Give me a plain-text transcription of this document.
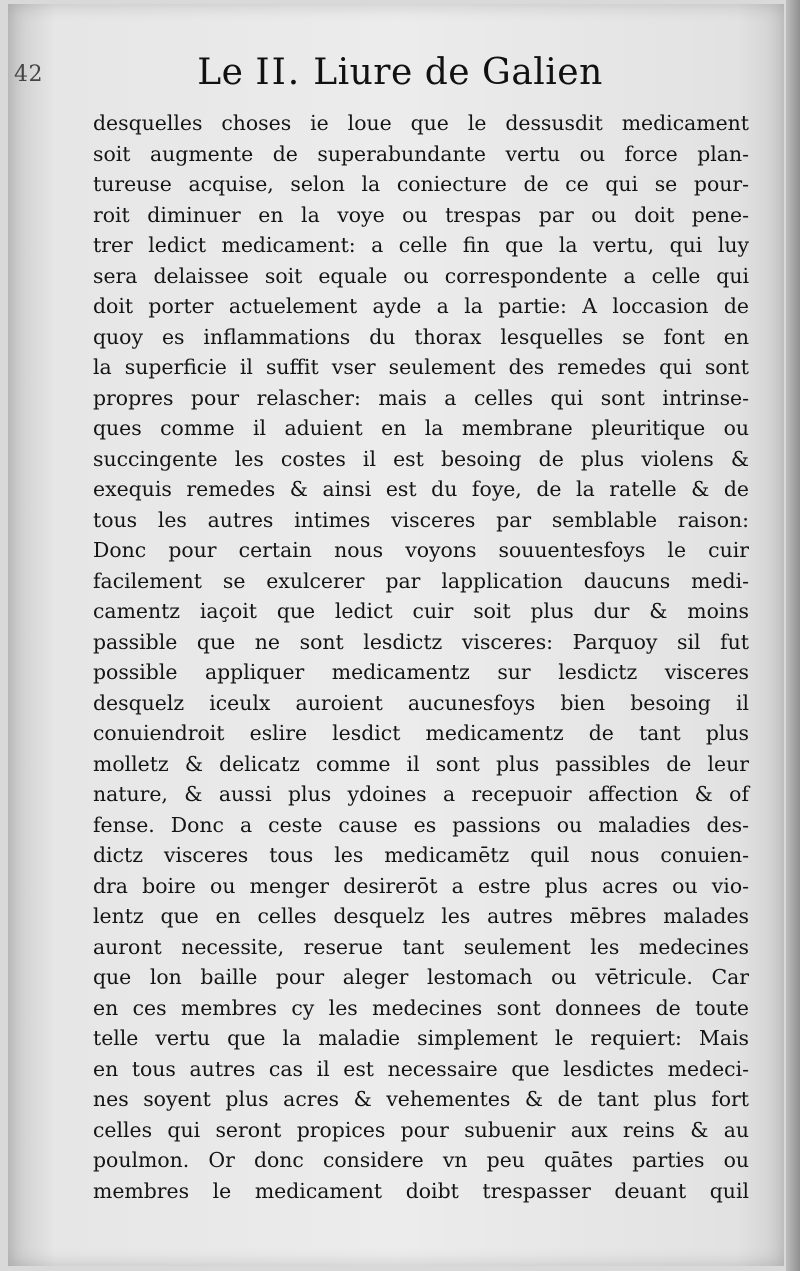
42	Le II. Liure de Galien
desquelles choses ie loue que le dessusdit medicament
soit augmente de superabundante vertu ou force plan-
tureuse acquise, selon la coniecture de ce qui se pour-
roit diminuer en la voye ou trespas par ou doit pene-
trer ledict medicament: a celle fin que la vertu, qui luy
sera delaissee soit equale ou correspondente a celle qui
doit porter actuelement ayde a la partie: A loccasion de
quoy es inflammations du thorax lesquelles se font en
la superficie il suffit vser seulement des remedes qui sont
propres pour relascher: mais a celles qui sont intrinse-
ques comme il aduient en la membrane pleuritique ou
succingente les costes il est besoing de plus violens &
exequis remedes & ainsi est du foye, de la ratelle & de
tous les autres intimes visceres par semblable raison:
Donc pour certain nous voyons souuentesfoys le cuir
facilement se exulcerer par lapplication daucuns medi-
camentz iaçoit que ledict cuir soit plus dur & moins
passible que ne sont lesdictz visceres: Parquoy sil fut
possible appliquer medicamentz sur lesdictz visceres
desquelz iceulx auroient aucunesfoys bien besoing il
conuiendroit eslire lesdict medicamentz de tant plus
molletz & delicatz comme il sont plus passibles de leur
nature, & aussi plus ydoines a recepuoir affection & of
fense. Donc a ceste cause es passions ou maladies des-
dictz visceres tous les medicamētz quil nous conuien-
dra boire ou menger desirerōt a estre plus acres ou vio-
lentz que en celles desquelz les autres mēbres malades
auront necessite, reserue tant seulement les medecines
que lon baille pour aleger lestomach ou vētricule. Car
en ces membres cy les medecines sont donnees de toute
telle vertu que la maladie simplement le requiert: Mais
en tous autres cas il est necessaire que lesdictes medeci-
nes soyent plus acres & vehementes & de tant plus fort
celles qui seront propices pour subuenir aux reins & au
poulmon. Or donc considere vn peu quātes parties ou
membres le medicament doibt trespasser deuant quil
